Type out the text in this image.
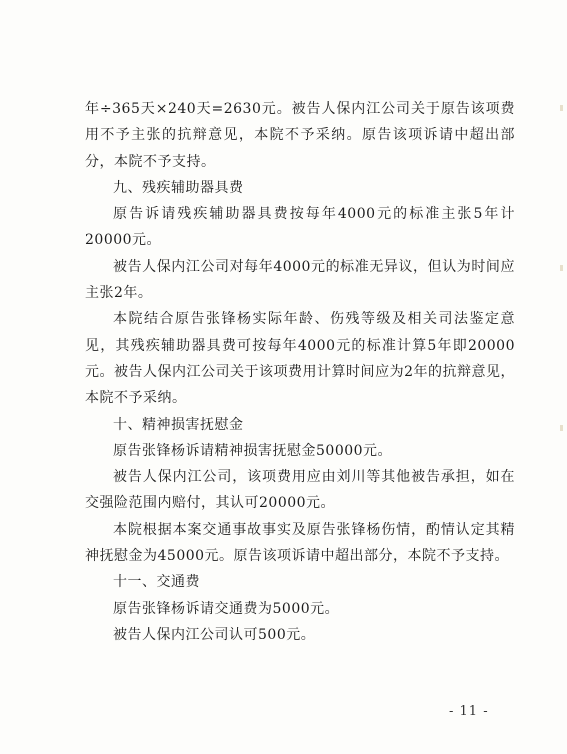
年÷365天×240天=2630元。被告人保内江公司关于原告该项费用不予主张的抗辩意见，本院不予采纳。原告该项诉请中超出部分，本院不予支持。

九、残疾辅助器具费

原告诉请残疾辅助器具费按每年4000元的标准主张5年计20000元。

被告人保内江公司对每年4000元的标准无异议，但认为时间应主张2年。

本院结合原告张锋杨实际年龄、伤残等级及相关司法鉴定意见，其残疾辅助器具费可按每年4000元的标准计算5年即20000元。被告人保内江公司关于该项费用计算时间应为2年的抗辩意见，本院不予采纳。

十、精神损害抚慰金

原告张锋杨诉请精神损害抚慰金50000元。

被告人保内江公司，该项费用应由刘川等其他被告承担，如在交强险范围内赔付，其认可20000元。

本院根据本案交通事故事实及原告张锋杨伤情，酌情认定其精神抚慰金为45000元。原告该项诉请中超出部分，本院不予支持。

十一、交通费

原告张锋杨诉请交通费为5000元。

被告人保内江公司认可500元。

- 11 -
